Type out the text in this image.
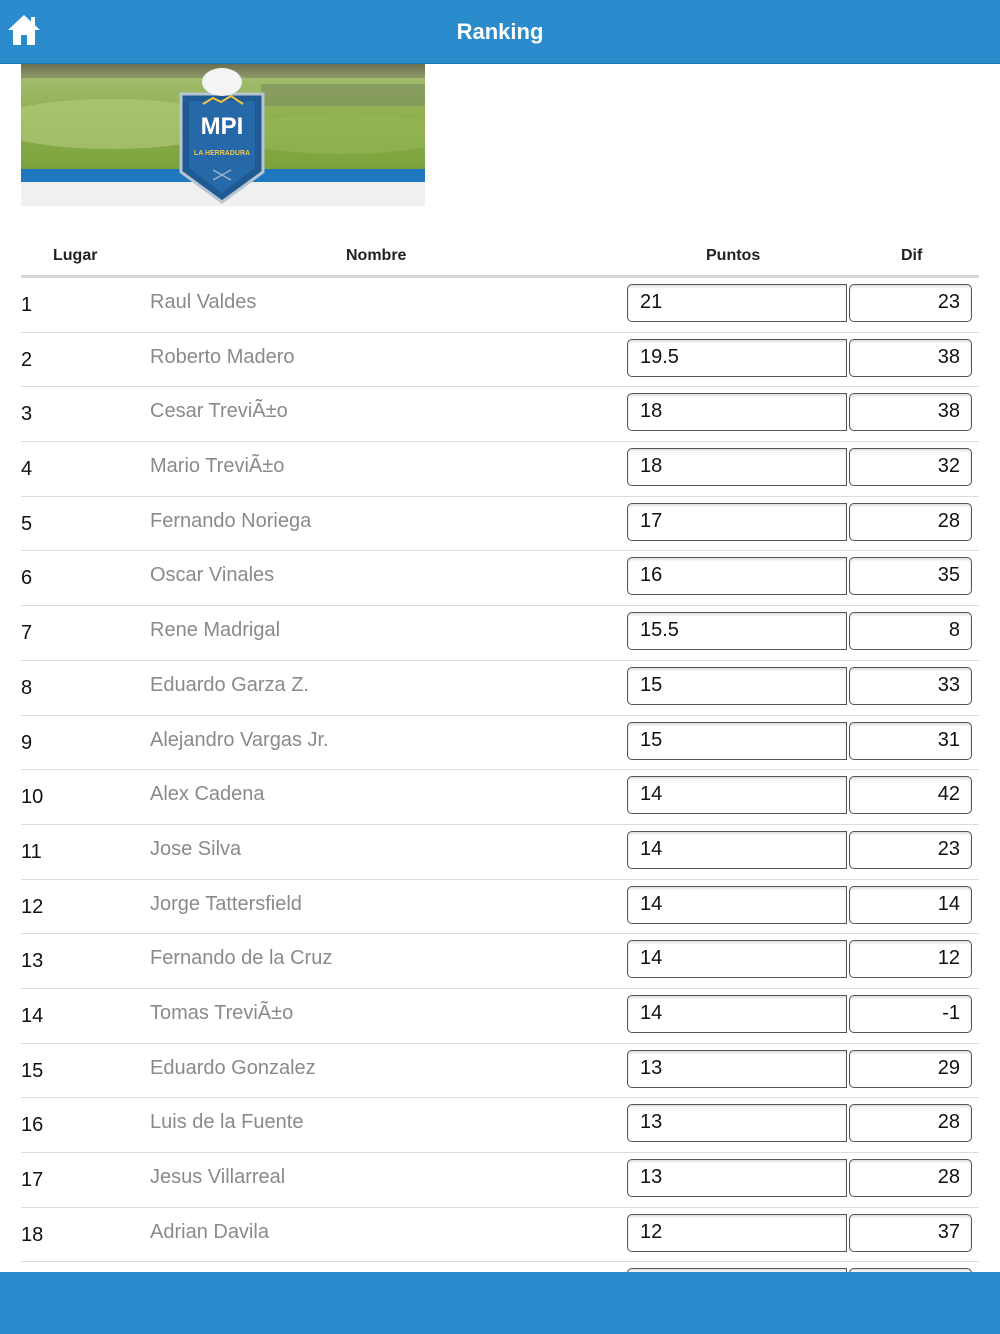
Ranking
MPI
LA HERRADURA
Lugar	Nombre	Puntos	Dif
1	Raul Valdes	21	23
2	Roberto Madero	19.5	38
3	Cesar TreviÃ±o	18	38
4	Mario TreviÃ±o	18	32
5	Fernando Noriega	17	28
6	Oscar Vinales	16	35
7	Rene Madrigal	15.5	8
8	Eduardo Garza Z.	15	33
9	Alejandro Vargas Jr.	15	31
10	Alex Cadena	14	42
11	Jose Silva	14	23
12	Jorge Tattersfield	14	14
13	Fernando de la Cruz	14	12
14	Tomas TreviÃ±o	14	-1
15	Eduardo Gonzalez	13	29
16	Luis de la Fuente	13	28
17	Jesus Villarreal	13	28
18	Adrian Davila	12	37
